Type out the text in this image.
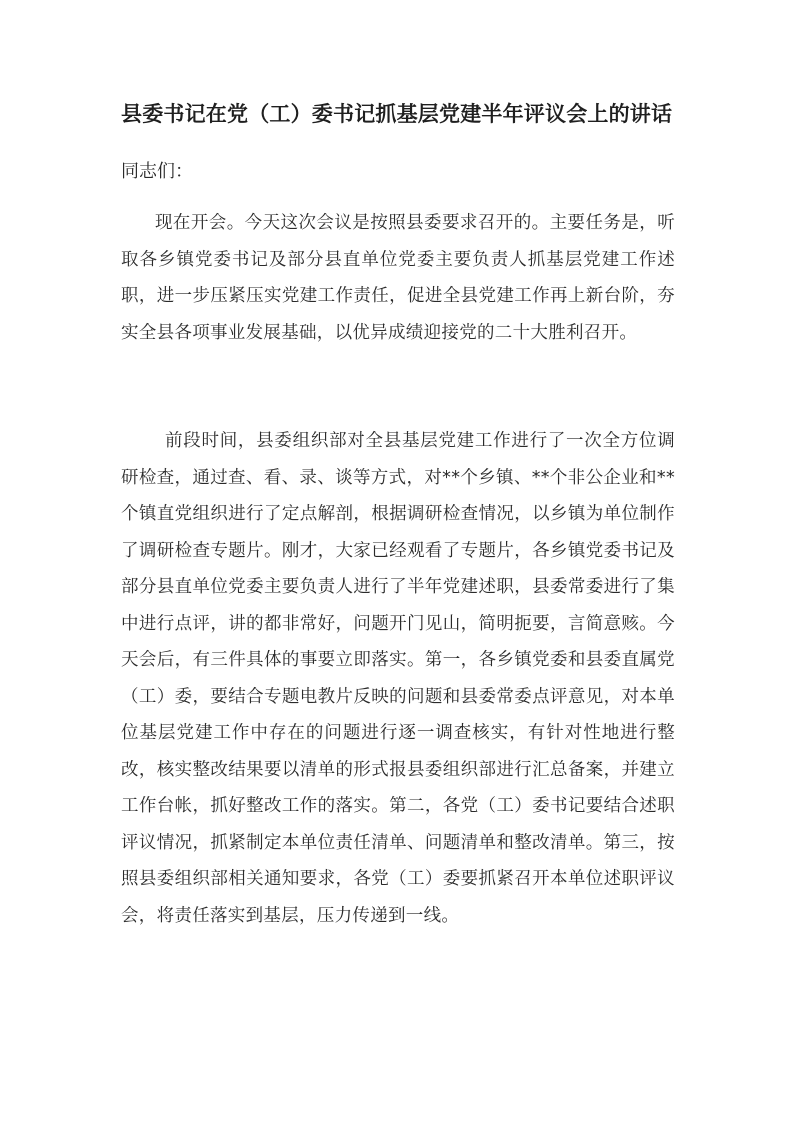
县委书记在党（工）委书记抓基层党建半年评议会上的讲话

同志们：

现在开会。今天这次会议是按照县委要求召开的。主要任务是，听取各乡镇党委书记及部分县直单位党委主要负责人抓基层党建工作述职，进一步压紧压实党建工作责任，促进全县党建工作再上新台阶，夯实全县各项事业发展基础，以优异成绩迎接党的二十大胜利召开。

前段时间，县委组织部对全县基层党建工作进行了一次全方位调研检查，通过查、看、录、谈等方式，对**个乡镇、**个非公企业和**个镇直党组织进行了定点解剖，根据调研检查情况，以乡镇为单位制作了调研检查专题片。刚才，大家已经观看了专题片，各乡镇党委书记及部分县直单位党委主要负责人进行了半年党建述职，县委常委进行了集中进行点评，讲的都非常好，问题开门见山，简明扼要，言简意赅。今天会后，有三件具体的事要立即落实。第一，各乡镇党委和县委直属党（工）委，要结合专题电教片反映的问题和县委常委点评意见，对本单位基层党建工作中存在的问题进行逐一调查核实，有针对性地进行整改，核实整改结果要以清单的形式报县委组织部进行汇总备案，并建立工作台帐，抓好整改工作的落实。第二，各党（工）委书记要结合述职评议情况，抓紧制定本单位责任清单、问题清单和整改清单。第三，按照县委组织部相关通知要求，各党（工）委要抓紧召开本单位述职评议会，将责任落实到基层，压力传递到一线。
